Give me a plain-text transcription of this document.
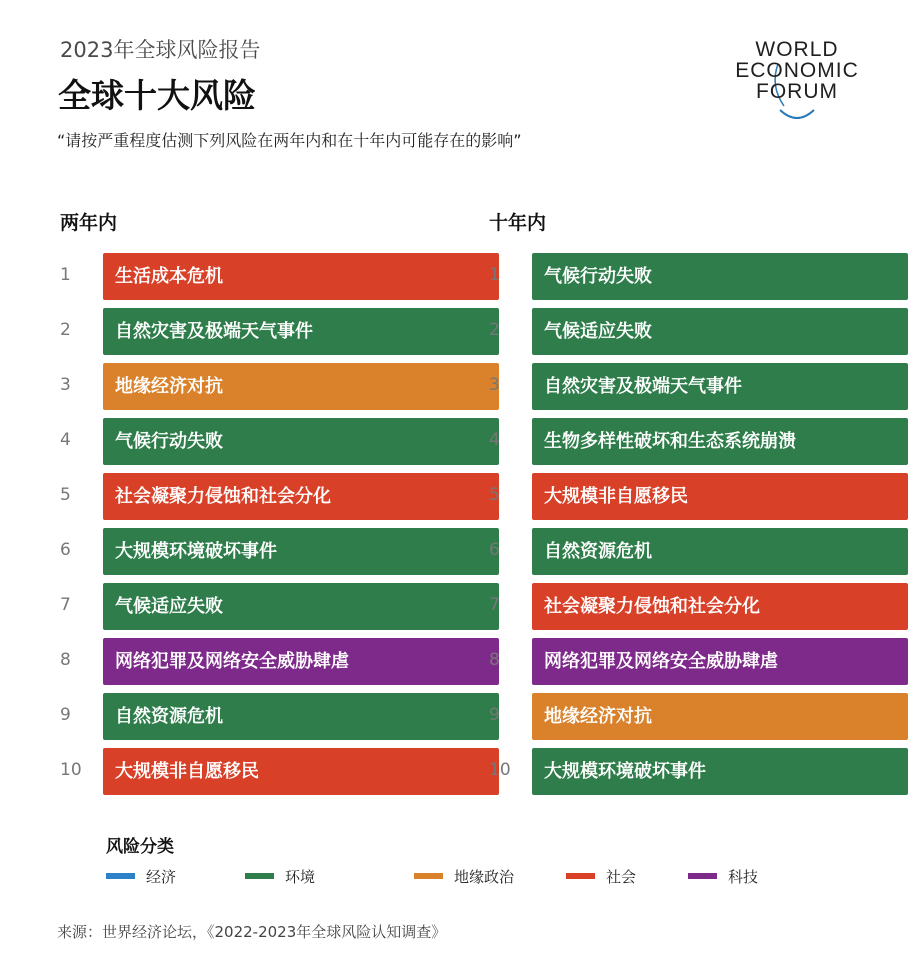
2023年全球风险报告
全球十大风险
“请按严重程度估测下列风险在两年内和在十年内可能存在的影响”
WORLD
ECONOMIC
FORUM
两年内	十年内
1	生活成本危机
2	自然灾害及极端天气事件
3	地缘经济对抗
4	气候行动失败
5	社会凝聚力侵蚀和社会分化
6	大规模环境破坏事件
7	气候适应失败
8	网络犯罪及网络安全威胁肆虐
9	自然资源危机
10	大规模非自愿移民
1	气候行动失败
2	气候适应失败
3	自然灾害及极端天气事件
4	生物多样性破坏和生态系统崩溃
5	大规模非自愿移民
6	自然资源危机
7	社会凝聚力侵蚀和社会分化
8	网络犯罪及网络安全威胁肆虐
9	地缘经济对抗
10	大规模环境破坏事件
风险分类
经济	环境	地缘政治	社会	科技
来源：世界经济论坛，《2022-2023年全球风险认知调查》
